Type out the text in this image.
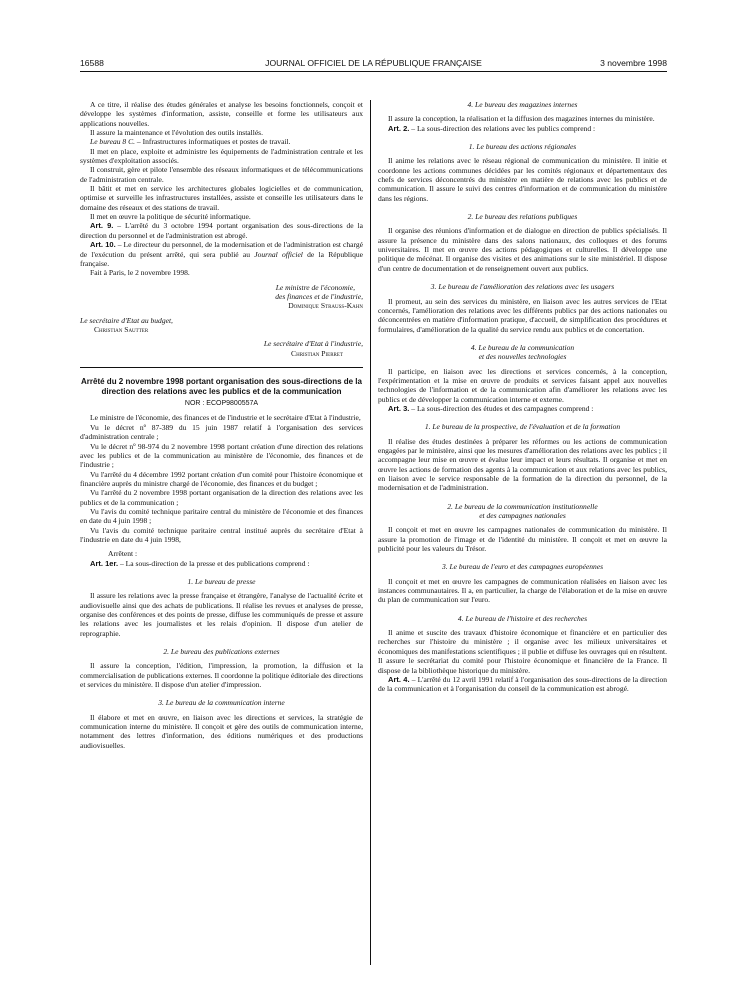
16588	JOURNAL OFFICIEL DE LA RÉPUBLIQUE FRANÇAISE	3 novembre 1998

A ce titre, il réalise des études générales et analyse les besoins fonctionnels, conçoit et développe les systèmes d'information, assiste, conseille et forme les utilisateurs aux applications nouvelles.

Il assure la maintenance et l'évolution des outils installés.

Le bureau 8 C. – Infrastructures informatiques et postes de travail.

Il met en place, exploite et administre les équipements de l'administration centrale et les systèmes d'exploitation associés.

Il construit, gère et pilote l'ensemble des réseaux informatiques et de télécommunications de l'administration centrale.

Il bâtit et met en service les architectures globales logicielles et de communication, optimise et surveille les infrastructures installées, assiste et conseille les utilisateurs dans le domaine des réseaux et des stations de travail.

Il met en œuvre la politique de sécurité informatique.

Art. 9. – L'arrêté du 3 octobre 1994 portant organisation des sous-directions de la direction du personnel et de l'administration est abrogé.

Art. 10. – Le directeur du personnel, de la modernisation et de l'administration est chargé de l'exécution du présent arrêté, qui sera publié au Journal officiel de la République française.

Fait à Paris, le 2 novembre 1998.

Le ministre de l'économie,

des finances et de l'industrie,

Dominique Strauss-Kahn

Le secrétaire d'Etat au budget,

Christian Sautter

Le secrétaire d'Etat à l'industrie,

Christian Pierret

Arrêté du 2 novembre 1998 portant organisation des sous-directions de la direction des relations avec les publics et de la communication

NOR : ECOP9800557A

Le ministre de l'économie, des finances et de l'industrie et le secrétaire d'Etat à l'industrie,

Vu le décret nº 87-389 du 15 juin 1987 relatif à l'organisation des services d'administration centrale ;

Vu le décret nº 98-974 du 2 novembre 1998 portant création d'une direction des relations avec les publics et de la communication au ministère de l'économie, des finances et de l'industrie ;

Vu l'arrêté du 4 décembre 1992 portant création d'un comité pour l'histoire économique et financière auprès du ministre chargé de l'économie, des finances et du budget ;

Vu l'arrêté du 2 novembre 1998 portant organisation de la direction des relations avec les publics et de la communication ;

Vu l'avis du comité technique paritaire central du ministère de l'économie et des finances en date du 4 juin 1998 ;

Vu l'avis du comité technique paritaire central institué auprès du secrétaire d'Etat à l'industrie en date du 4 juin 1998,

Arrêtent :

Art. 1er. – La sous-direction de la presse et des publications comprend :

1. Le bureau de presse

Il assure les relations avec la presse française et étrangère, l'analyse de l'actualité écrite et audiovisuelle ainsi que des achats de publications. Il réalise les revues et analyses de presse, organise des conférences et des points de presse, diffuse les communiqués de presse et assure les relations avec les journalistes et les relais d'opinion. Il dispose d'un atelier de reprographie.

2. Le bureau des publications externes

Il assure la conception, l'édition, l'impression, la promotion, la diffusion et la commercialisation de publications externes. Il coordonne la politique éditoriale des directions et services du ministère. Il dispose d'un atelier d'impression.

3. Le bureau de la communication interne

Il élabore et met en œuvre, en liaison avec les directions et services, la stratégie de communication interne du ministère. Il conçoit et gère des outils de communication interne, notamment des lettres d'information, des éditions numériques et des productions audiovisuelles.

4. Le bureau des magazines internes

Il assure la conception, la réalisation et la diffusion des magazines internes du ministère.

Art. 2. – La sous-direction des relations avec les publics comprend :

1. Le bureau des actions régionales

Il anime les relations avec le réseau régional de communication du ministère. Il initie et coordonne les actions communes décidées par les comités régionaux et départementaux des chefs de services déconcentrés du ministère en matière de relations avec les publics et de communication. Il assure le suivi des centres d'information et de communication du ministère dans les régions.

2. Le bureau des relations publiques

Il organise des réunions d'information et de dialogue en direction de publics spécialisés. Il assure la présence du ministère dans des salons nationaux, des colloques et des forums universitaires. Il met en œuvre des actions pédagogiques et culturelles. Il développe une politique de mécénat. Il organise des visites et des animations sur le site ministériel. Il dispose d'un centre de documentation et de renseignement ouvert aux publics.

3. Le bureau de l'amélioration des relations avec les usagers

Il promeut, au sein des services du ministère, en liaison avec les autres services de l'Etat concernés, l'amélioration des relations avec les différents publics par des actions nationales ou déconcentrées en matière d'information pratique, d'accueil, de simplification des procédures et formulaires, d'amélioration de la qualité du service rendu aux publics et de concertation.

4. Le bureau de la communication

et des nouvelles technologies

Il participe, en liaison avec les directions et services concernés, à la conception, l'expérimentation et la mise en œuvre de produits et services faisant appel aux nouvelles technologies de l'information et de la communication afin d'améliorer les relations avec les publics et de développer la communication interne et externe.

Art. 3. – La sous-direction des études et des campagnes comprend :

1. Le bureau de la prospective, de l'évaluation et de la formation

Il réalise des études destinées à préparer les réformes ou les actions de communication engagées par le ministère, ainsi que les mesures d'amélioration des relations avec les publics ; il accompagne leur mise en œuvre et évalue leur impact et leurs résultats. Il organise et met en œuvre les actions de formation des agents à la communication et aux relations avec les publics, en liaison avec le service responsable de la formation de la direction du personnel, de la modernisation et de l'administration.

2. Le bureau de la communication institutionnelle

et des campagnes nationales

Il conçoit et met en œuvre les campagnes nationales de communication du ministère. Il assure la promotion de l'image et de l'identité du ministère. Il conçoit et met en œuvre la publicité pour les valeurs du Trésor.

3. Le bureau de l'euro et des campagnes européennes

Il conçoit et met en œuvre les campagnes de communication réalisées en liaison avec les instances communautaires. Il a, en particulier, la charge de l'élaboration et de la mise en œuvre du plan de communication sur l'euro.

4. Le bureau de l'histoire et des recherches

Il anime et suscite des travaux d'histoire économique et financière et en particulier des recherches sur l'histoire du ministère ; il organise avec les milieux universitaires et économiques des manifestations scientifiques ; il publie et diffuse les ouvrages qui en résultent. Il assure le secrétariat du comité pour l'histoire économique et financière de la France. Il dispose de la bibliothèque historique du ministère.

Art. 4. – L'arrêté du 12 avril 1991 relatif à l'organisation des sous-directions de la direction de la communication et à l'organisation du conseil de la communication est abrogé.
